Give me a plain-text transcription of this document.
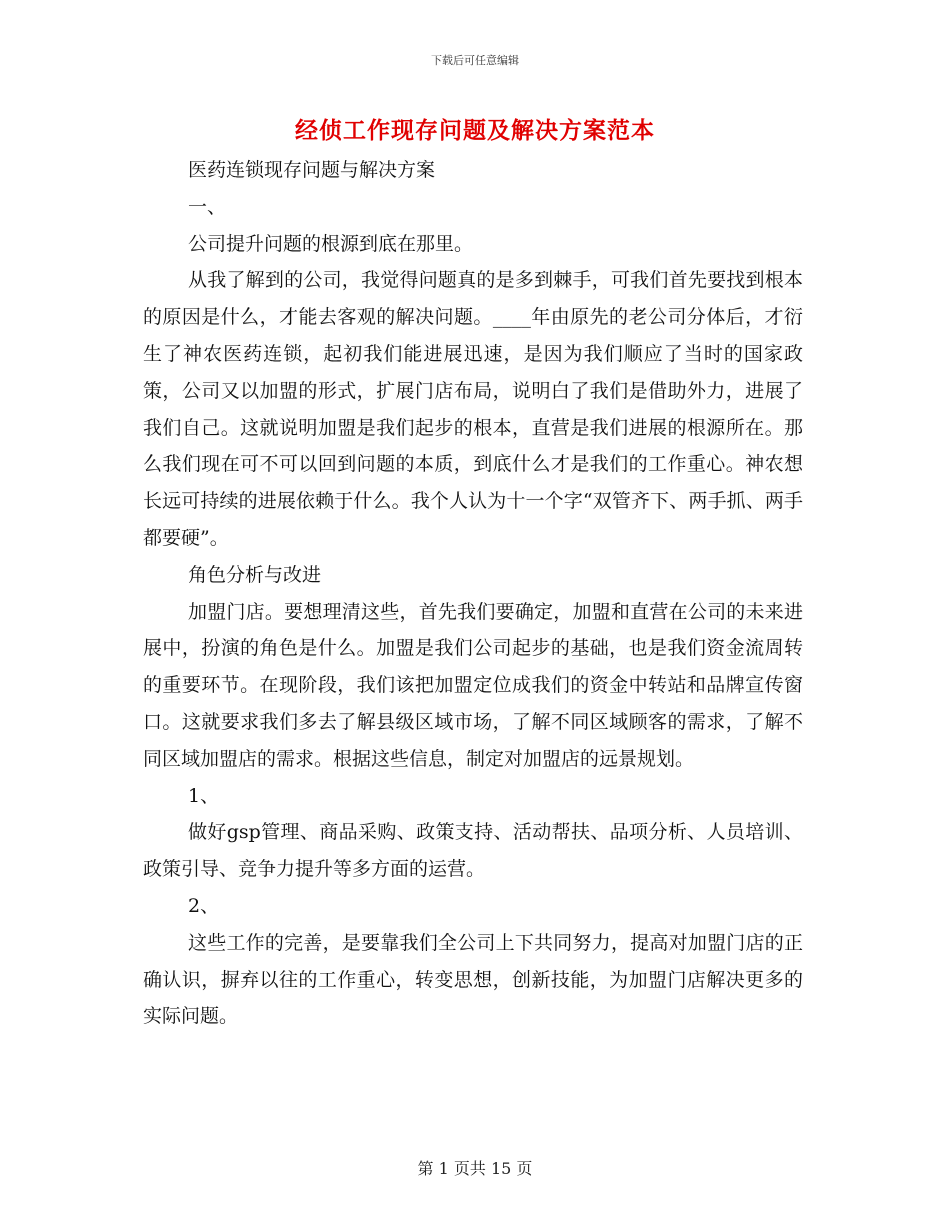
下载后可任意编辑
经侦工作现存问题及解决方案范本

医药连锁现存问题与解决方案

一、

公司提升问题的根源到底在那里。

从我了解到的公司，我觉得问题真的是多到棘手，可我们首先要找到根本的原因是什么，才能去客观的解决问题。____年由原先的老公司分体后，才衍生了神农医药连锁，起初我们能进展迅速，是因为我们顺应了当时的国家政策，公司又以加盟的形式，扩展门店布局，说明白了我们是借助外力，进展了我们自己。这就说明加盟是我们起步的根本，直营是我们进展的根源所在。那么我们现在可不可以回到问题的本质，到底什么才是我们的工作重心。神农想长远可持续的进展依赖于什么。我个人认为十一个字“双管齐下、两手抓、两手都要硬”。

角色分析与改进

加盟门店。要想理清这些，首先我们要确定，加盟和直营在公司的未来进展中，扮演的角色是什么。加盟是我们公司起步的基础，也是我们资金流周转的重要环节。在现阶段，我们该把加盟定位成我们的资金中转站和品牌宣传窗口。这就要求我们多去了解县级区域市场，了解不同区域顾客的需求，了解不同区域加盟店的需求。根据这些信息，制定对加盟店的远景规划。

1、

做好gsp管理、商品采购、政策支持、活动帮扶、品项分析、人员培训、政策引导、竞争力提升等多方面的运营。

2、

这些工作的完善，是要靠我们全公司上下共同努力，提高对加盟门店的正确认识，摒弃以往的工作重心，转变思想，创新技能，为加盟门店解决更多的实际问题。

第 1 页共 15 页
